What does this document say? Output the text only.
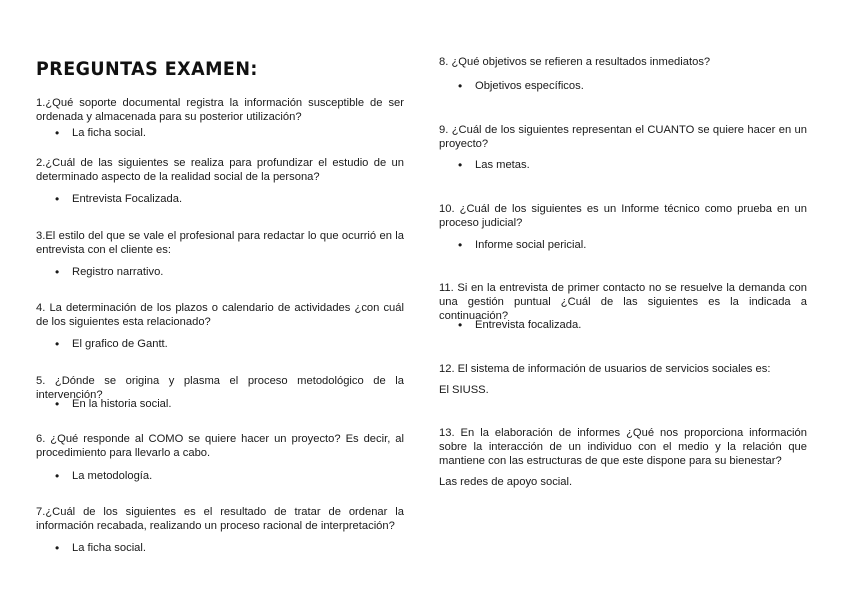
PREGUNTAS EXAMEN:
1.¿Qué soporte documental registra la información susceptible de ser ordenada y almacenada para su posterior utilización?
• La ficha social.
2.¿Cuál de las siguientes se realiza para profundizar el estudio de un determinado aspecto de la realidad social de la persona?
• Entrevista Focalizada.
3.El estilo del que se vale el profesional para redactar lo que ocurrió en la entrevista con el cliente es:
• Registro narrativo.
4. La determinación de los plazos o calendario de actividades ¿con cuál de los siguientes esta relacionado?
• El grafico de Gantt.
5. ¿Dónde se origina y plasma el proceso metodológico de la intervención?
• En la historia social.
6. ¿Qué responde al COMO se quiere hacer un proyecto? Es decir, al procedimiento para llevarlo a cabo.
• La metodología.
7.¿Cuál de los siguientes es el resultado de tratar de ordenar la información recabada, realizando un proceso racional de interpretación?
• La ficha social.
8. ¿Qué objetivos se refieren a resultados inmediatos?
• Objetivos específicos.
9. ¿Cuál de los siguientes representan el CUANTO se quiere hacer en un proyecto?
• Las metas.
10. ¿Cuál de los siguientes es un Informe técnico como prueba en un proceso judicial?
• Informe social pericial.
11. Si en la entrevista de primer contacto no se resuelve la demanda con una gestión puntual ¿Cuál de las siguientes es la indicada a continuación?
• Entrevista focalizada.
12. El sistema de información de usuarios de servicios sociales es:
El SIUSS.
13. En la elaboración de informes ¿Qué nos proporciona información sobre la interacción de un individuo con el medio y la relación que mantiene con las estructuras de que este dispone para su bienestar?
Las redes de apoyo social.
